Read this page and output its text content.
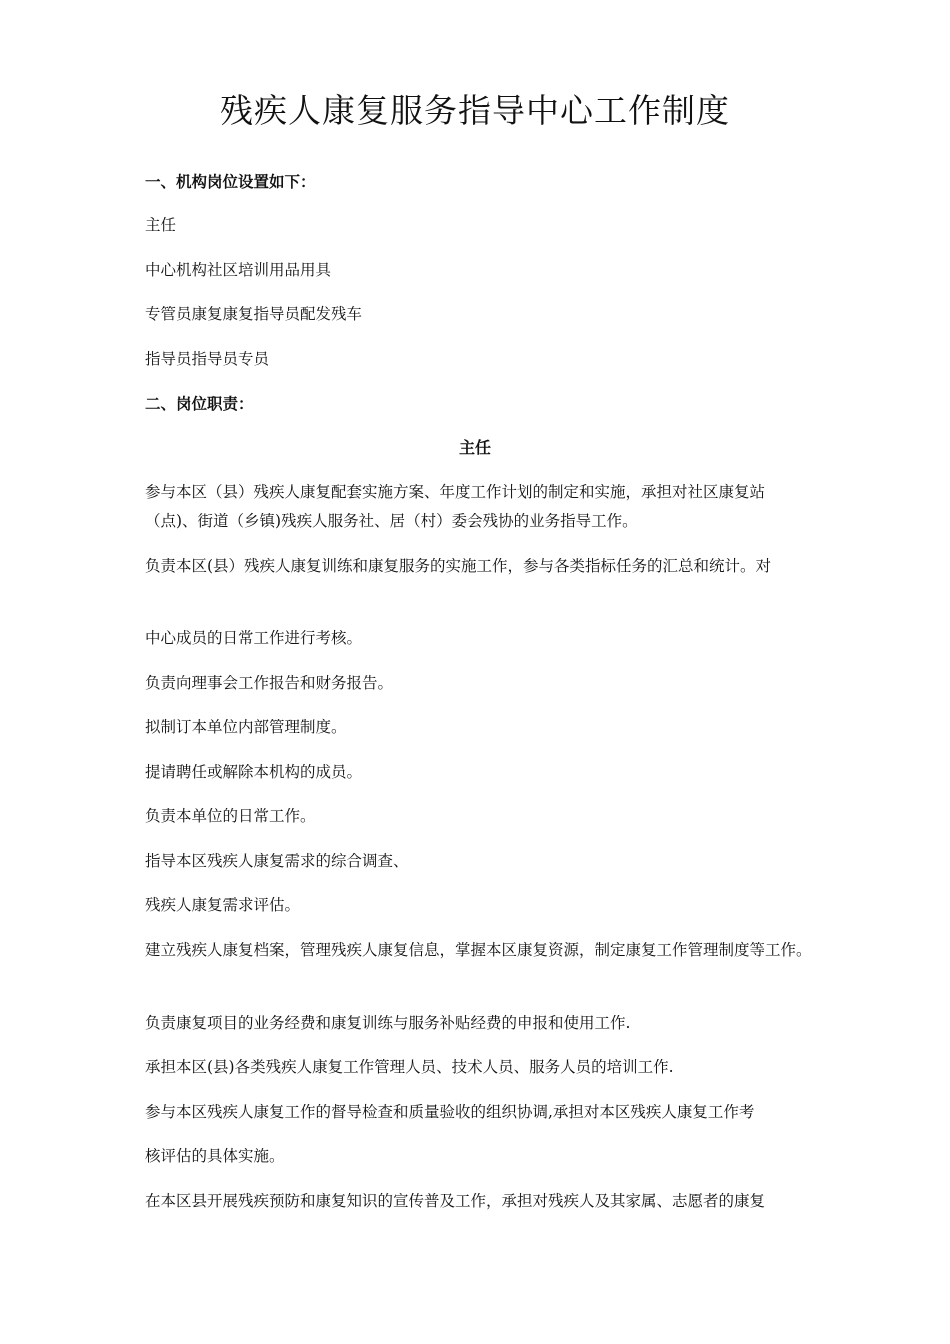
残疾人康复服务指导中心工作制度

一、机构岗位设置如下：

主任

中心机构社区培训用品用具

专管员康复康复指导员配发残车

指导员指导员专员

二、岗位职责：

主任

参与本区（县）残疾人康复配套实施方案、年度工作计划的制定和实施，承担对社区康复站（点)、街道（乡镇)残疾人服务社、居（村）委会残协的业务指导工作。

负责本区(县）残疾人康复训练和康复服务的实施工作，参与各类指标任务的汇总和统计。对

中心成员的日常工作进行考核。

负责向理事会工作报告和财务报告。

拟制订本单位内部管理制度。

提请聘任或解除本机构的成员。

负责本单位的日常工作。

指导本区残疾人康复需求的综合调查、

残疾人康复需求评估。

建立残疾人康复档案，管理残疾人康复信息，掌握本区康复资源，制定康复工作管理制度等工作。

负责康复项目的业务经费和康复训练与服务补贴经费的申报和使用工作.

承担本区(县)各类残疾人康复工作管理人员、技术人员、服务人员的培训工作.

参与本区残疾人康复工作的督导检查和质量验收的组织协调,承担对本区残疾人康复工作考

核评估的具体实施。

在本区县开展残疾预防和康复知识的宣传普及工作，承担对残疾人及其家属、志愿者的康复
